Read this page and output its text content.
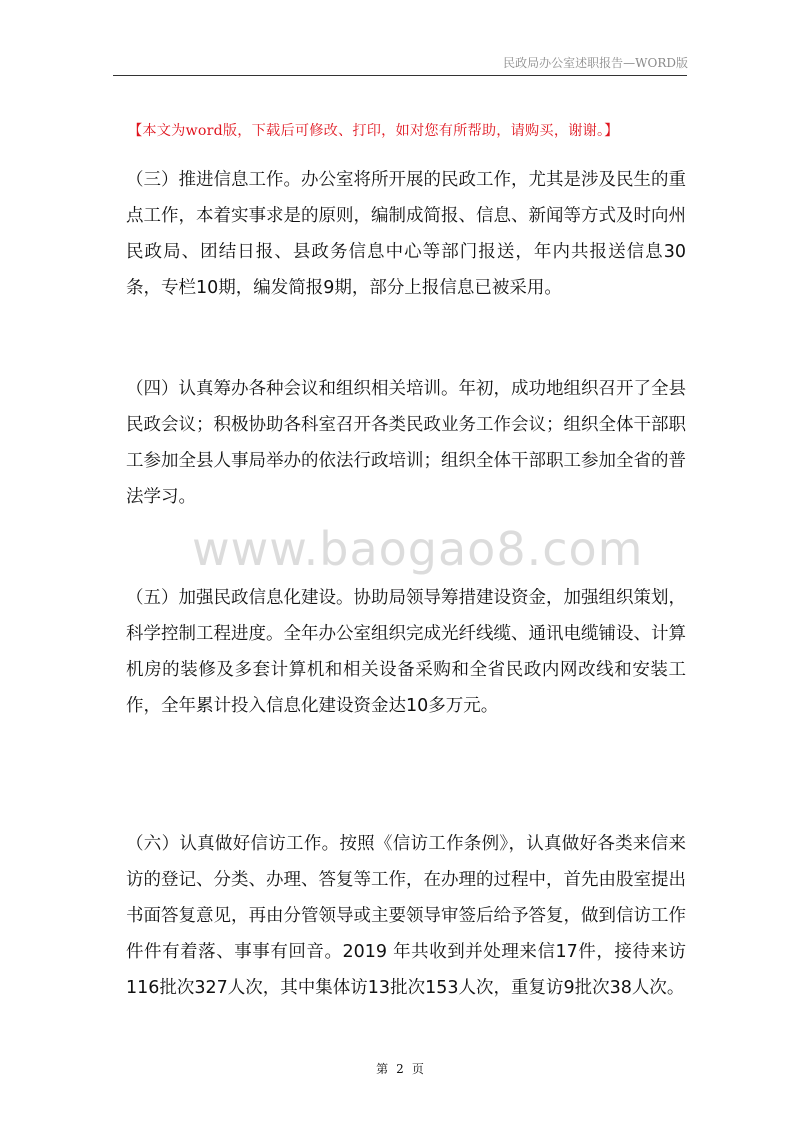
民政局办公室述职报告—WORD版
【本文为word版，下载后可修改、打印，如对您有所帮助，请购买，谢谢。】

（三）推进信息工作。办公室将所开展的民政工作，尤其是涉及民生的重点工作，本着实事求是的原则，编制成简报、信息、新闻等方式及时向州民政局、团结日报、县政务信息中心等部门报送，年内共报送信息30条，专栏10期，编发简报9期，部分上报信息已被采用。

（四）认真筹办各种会议和组织相关培训。年初，成功地组织召开了全县民政会议；积极协助各科室召开各类民政业务工作会议；组织全体干部职工参加全县人事局举办的依法行政培训；组织全体干部职工参加全省的普法学习。

（五）加强民政信息化建设。协助局领导筹措建设资金，加强组织策划，科学控制工程进度。全年办公室组织完成光纤线缆、通讯电缆铺设、计算机房的装修及多套计算机和相关设备采购和全省民政内网改线和安装工作，全年累计投入信息化建设资金达10多万元。

（六）认真做好信访工作。按照《信访工作条例》，认真做好各类来信来访的登记、分类、办理、答复等工作，在办理的过程中，首先由股室提出书面答复意见，再由分管领导或主要领导审签后给予答复，做到信访工作件件有着落、事事有回音。2019 年共收到并处理来信17件，接待来访116批次327人次，其中集体访13批次153人次，重复访9批次38人次。

www.baogao8.com
第 2 页
